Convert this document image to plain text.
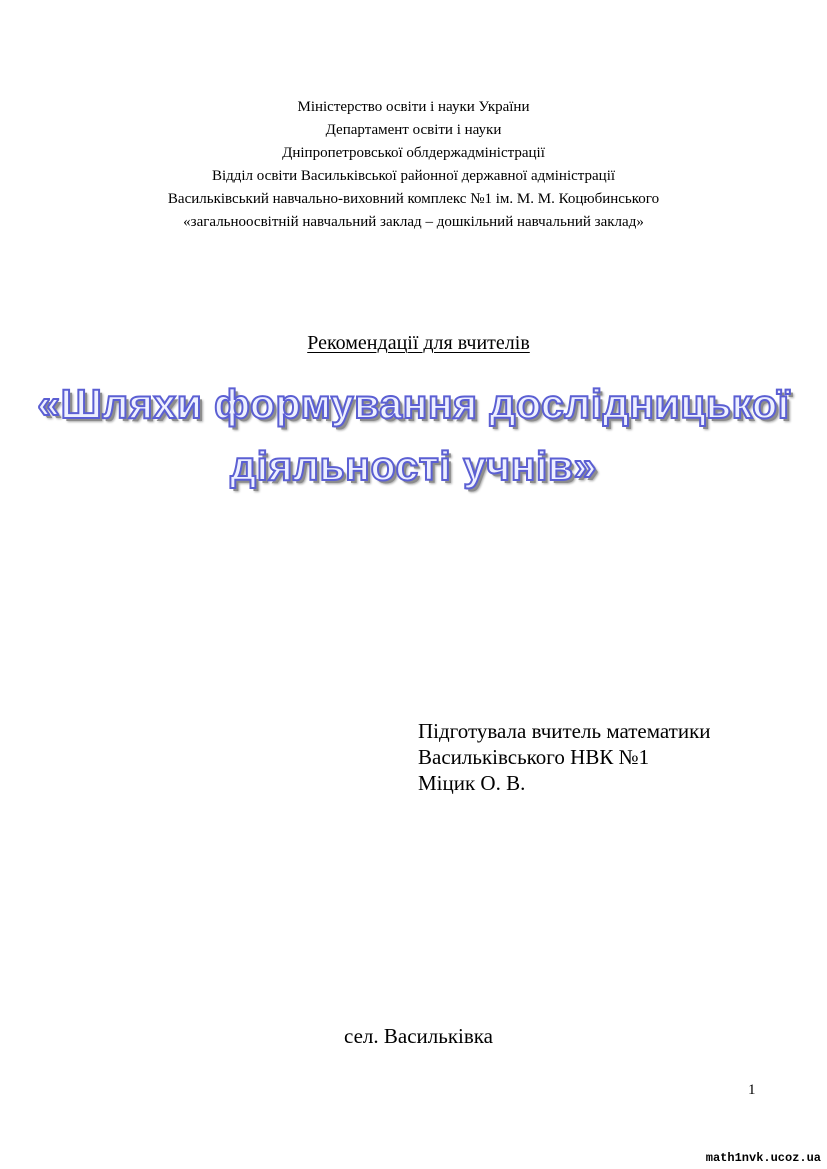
Міністерство освіти і науки України
Департамент освіти і науки
Дніпропетровської облдержадміністрації
Відділ освіти Васильківської районної державної адміністрації
Васильківський навчально-виховний комплекс №1 ім. М. М. Коцюбинського
«загальноосвітній навчальний заклад – дошкільний навчальний заклад»
Рекомендації для вчителів
«Шляхи формування дослідницької
діяльності учнів»
Підготувала вчитель математики
Васильківського НВК №1
Міцик О. В.
сел. Васильківка
1
math1nvk.ucoz.ua
